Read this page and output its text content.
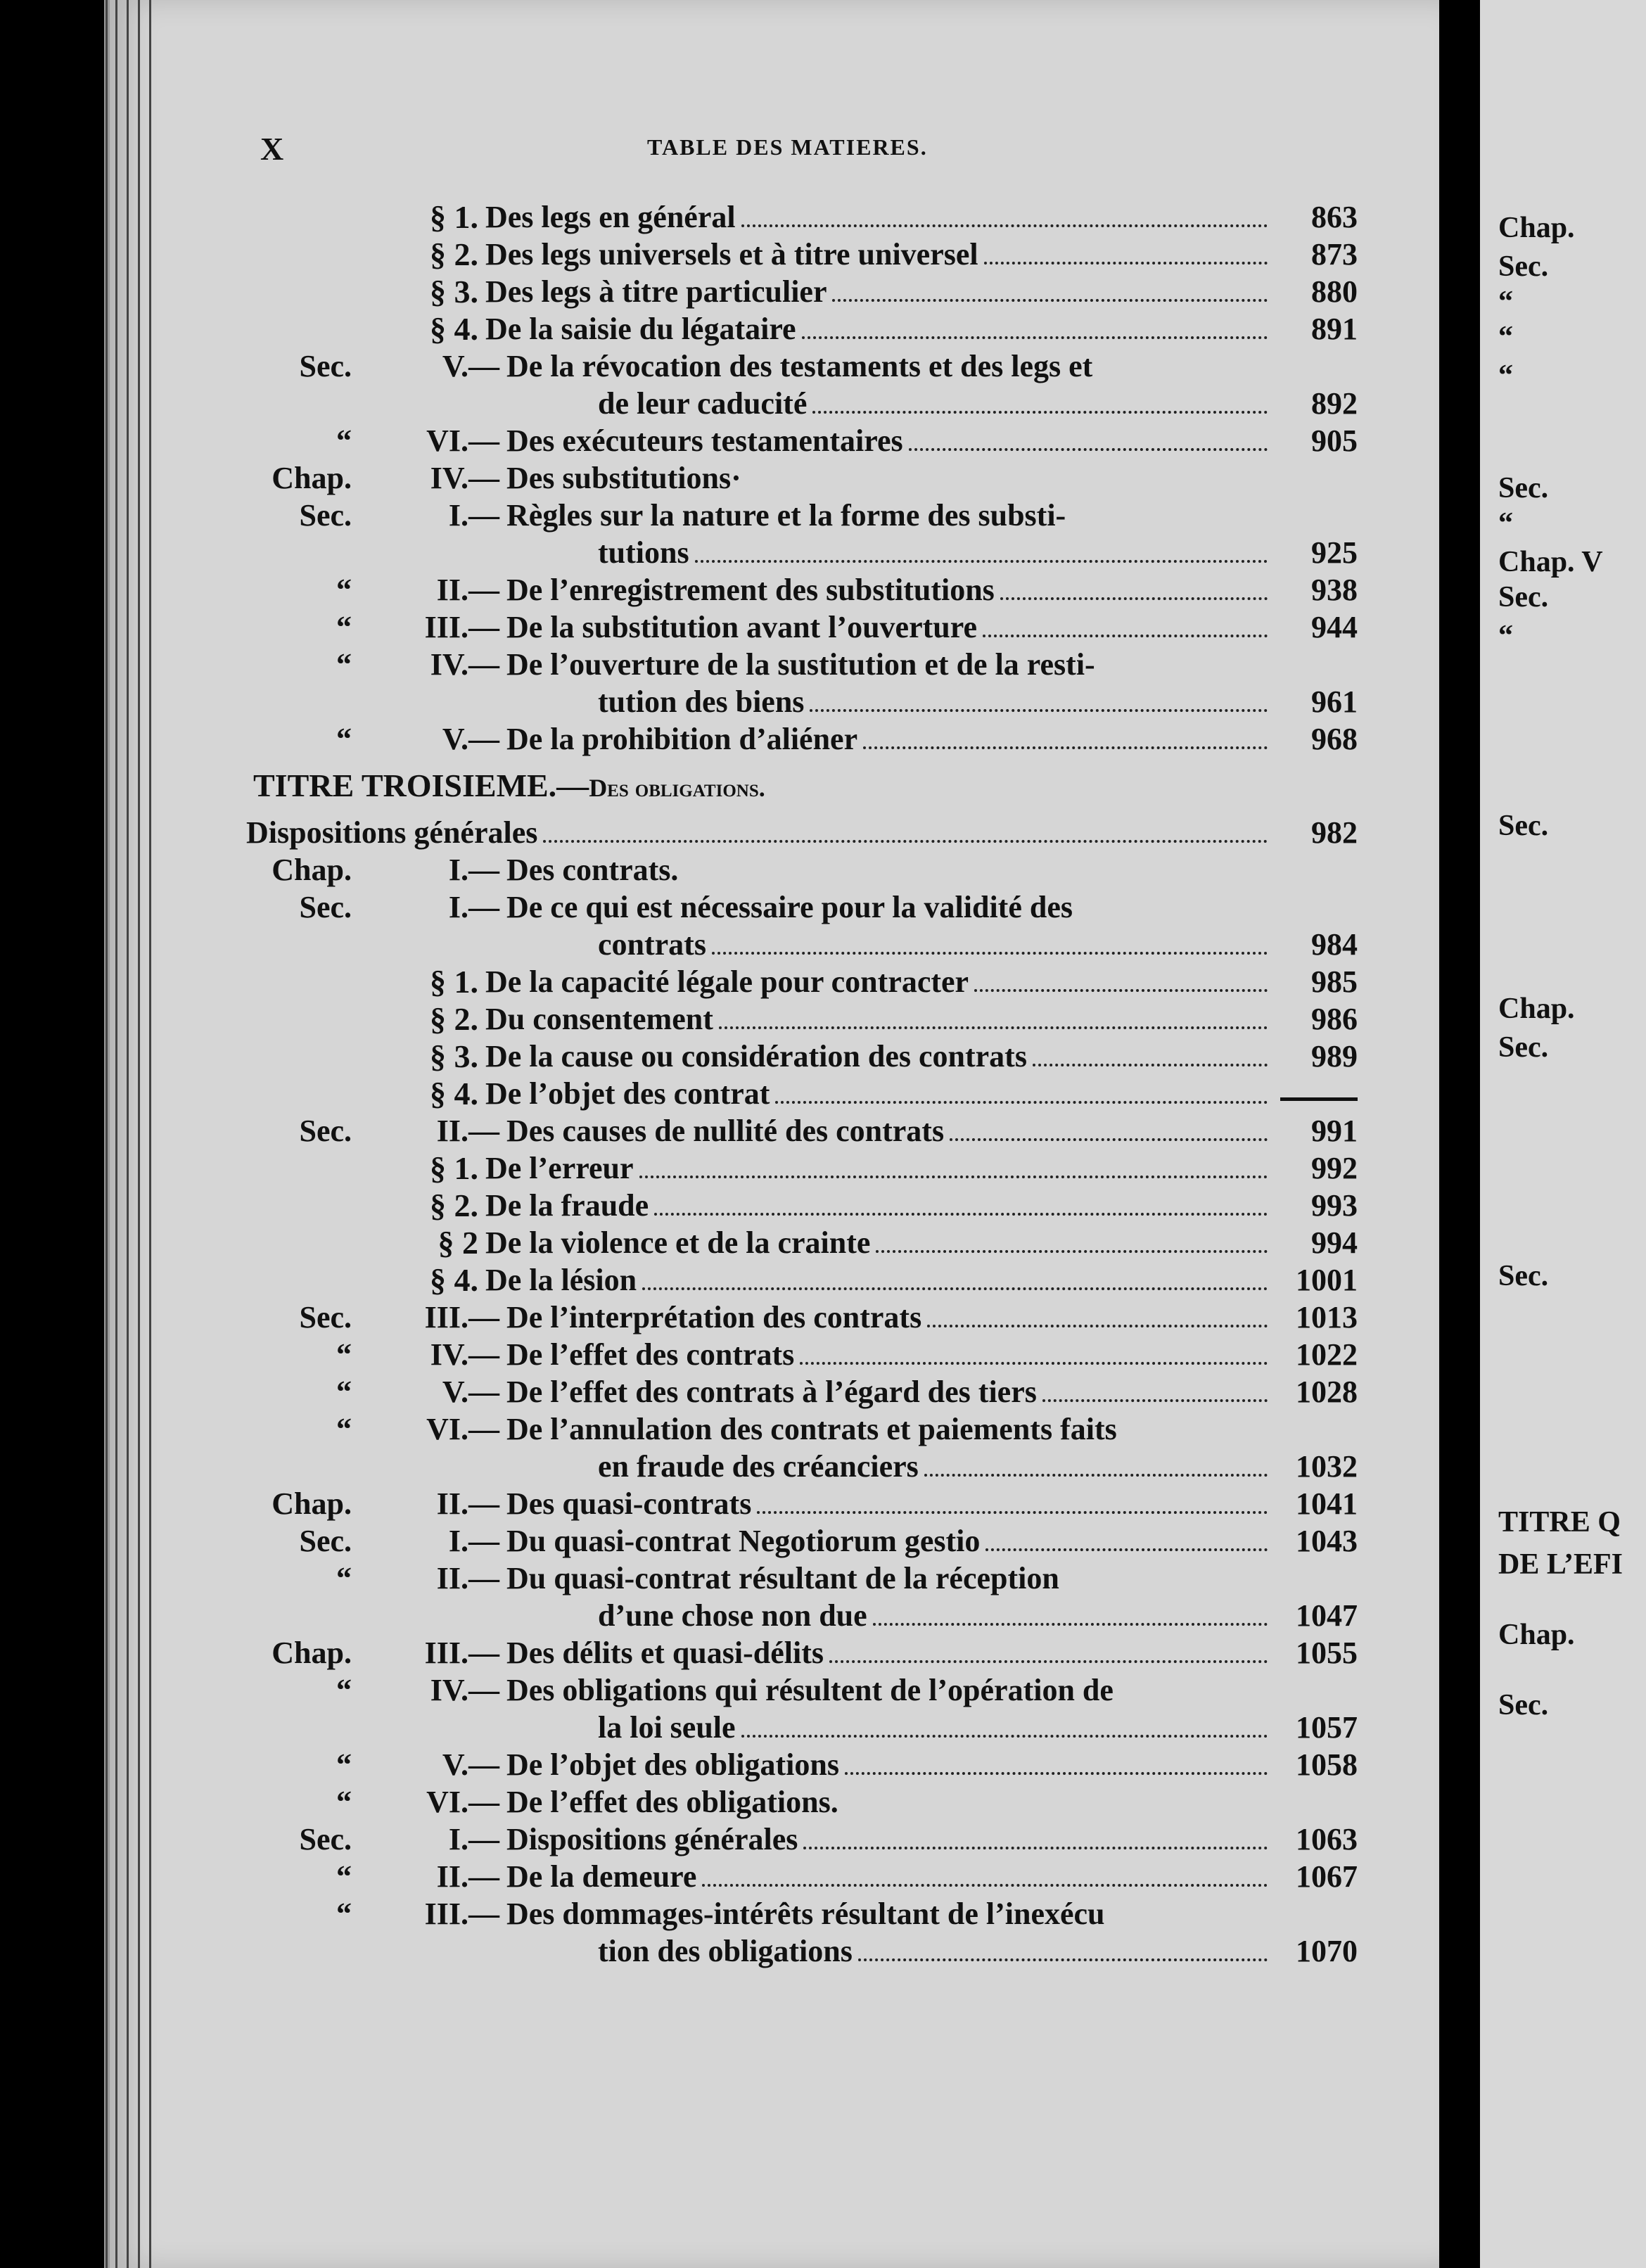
X	TABLE DES MATIERES.
§ 1. Des legs en général	863
§ 2. Des legs universels et à titre universel	873
§ 3. Des legs à titre particulier	880
§ 4. De la saisie du légataire	891
Sec.	V.— De la révocation des testaments et des legs et
de leur caducité	892
“	VI.— Des exécuteurs testamentaires	905
Chap.	IV.— Des substitutions·
Sec.	I.— Règles sur la nature et la forme des substi-
tutions	925
“	II.— De l’enregistrement des substitutions	938
“	III.— De la substitution avant l’ouverture	944
“	IV.— De l’ouverture de la sustitution et de la resti-
tution des biens	961
“	V.— De la prohibition d’aliéner	968
TITRE TROISIEME.—Des obligations.
Dispositions générales	982
Chap.	I.— Des contrats.
Sec.	I.— De ce qui est nécessaire pour la validité des
contrats	984
§ 1. De la capacité légale pour contracter	985
§ 2. Du consentement	986
§ 3. De la cause ou considération des contrats	989
§ 4. De l’objet des contrat
Sec.	II.— Des causes de nullité des contrats	991
§ 1. De l’erreur	992
§ 2. De la fraude	993
§ 2 De la violence et de la crainte	994
§ 4. De la lésion	1001
Sec.	III.— De l’interprétation des contrats	1013
“	IV.— De l’effet des contrats	1022
“	V.— De l’effet des contrats à l’égard des tiers	1028
“	VI.— De l’annulation des contrats et paiements faits
en fraude des créanciers	1032
Chap.	II.— Des quasi-contrats	1041
Sec.	I.— Du quasi-contrat Negotiorum gestio	1043
“	II.— Du quasi-contrat résultant de la réception
d’une chose non due	1047
Chap.	III.— Des délits et quasi-délits	1055
“	IV.— Des obligations qui résultent de l’opération de
la loi seule	1057
“	V.— De l’objet des obligations	1058
“	VI.— De l’effet des obligations.
Sec.	I.— Dispositions générales	1063
“	II.— De la demeure	1067
“	III.— Des dommages-intérêts résultant de l’inexécu
tion des obligations	1070
Chap.
Sec.
“
“
“
Sec.
“
Chap. V
Sec.
“
Sec.
Chap.
Sec.
Sec.
TITRE Q
DE L’EFI
Chap.
Sec.
